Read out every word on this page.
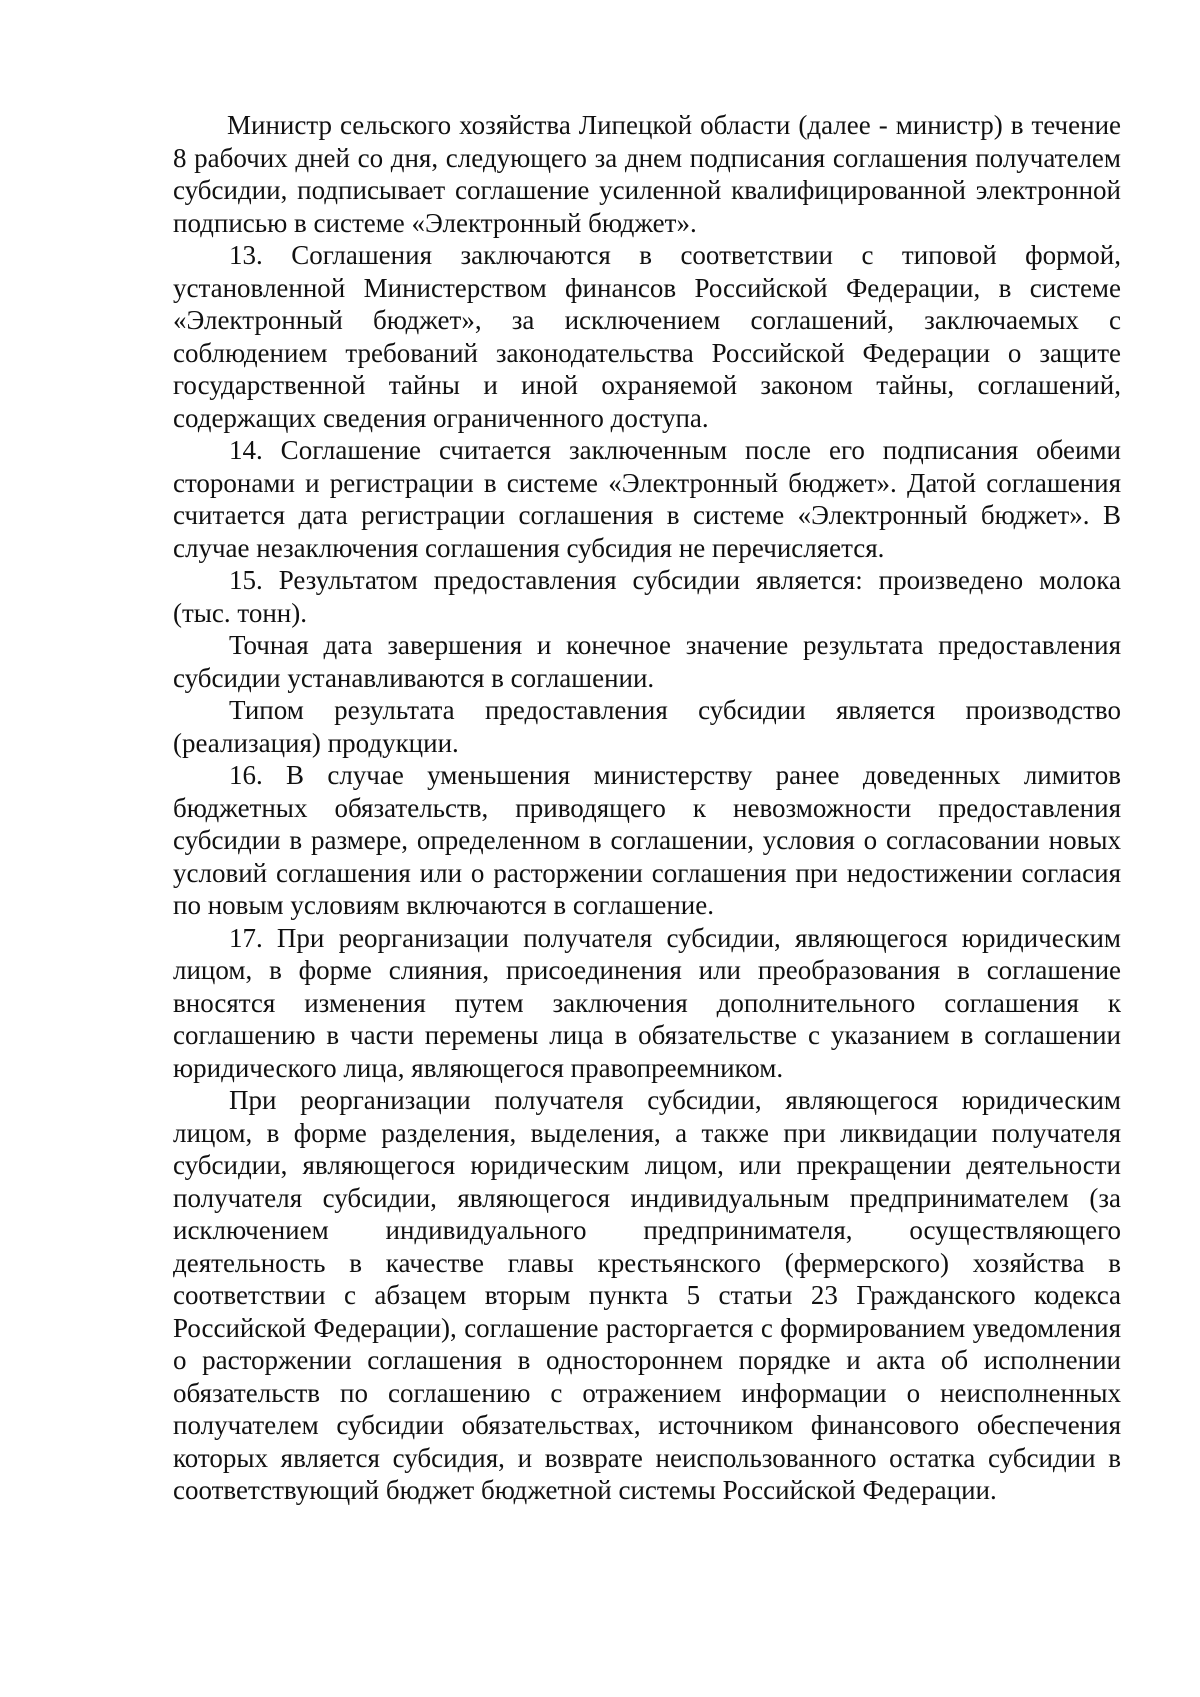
Министр сельского хозяйства Липецкой области (далее - министр) в течение 8 рабочих дней со дня, следующего за днем подписания соглашения получателем субсидии, подписывает соглашение усиленной квалифицированной электронной подписью в системе «Электронный бюджет».

13. Соглашения заключаются в соответствии с типовой формой, установленной Министерством финансов Российской Федерации, в системе «Электронный бюджет», за исключением соглашений, заключаемых с соблюдением требований законодательства Российской Федерации о защите государственной тайны и иной охраняемой законом тайны, соглашений, содержащих сведения ограниченного доступа.

14. Соглашение считается заключенным после его подписания обеими сторонами и регистрации в системе «Электронный бюджет». Датой соглашения считается дата регистрации соглашения в системе «Электронный бюджет». В случае незаключения соглашения субсидия не перечисляется.

15. Результатом предоставления субсидии является: произведено молока (тыс. тонн).

Точная дата завершения и конечное значение результата предоставления субсидии устанавливаются в соглашении.

Типом результата предоставления субсидии является производство (реализация) продукции.

16. В случае уменьшения министерству ранее доведенных лимитов бюджетных обязательств, приводящего к невозможности предоставления субсидии в размере, определенном в соглашении, условия о согласовании новых условий соглашения или о расторжении соглашения при недостижении согласия по новым условиям включаются в соглашение.

17. При реорганизации получателя субсидии, являющегося юридическим лицом, в форме слияния, присоединения или преобразования в соглашение вносятся изменения путем заключения дополнительного соглашения к соглашению в части перемены лица в обязательстве с указанием в соглашении юридического лица, являющегося правопреемником.

При реорганизации получателя субсидии, являющегося юридическим лицом, в форме разделения, выделения, а также при ликвидации получателя субсидии, являющегося юридическим лицом, или прекращении деятельности получателя субсидии, являющегося индивидуальным предпринимателем (за исключением индивидуального предпринимателя, осуществляющего деятельность в качестве главы крестьянского (фермерского) хозяйства в соответствии с абзацем вторым пункта 5 статьи 23 Гражданского кодекса Российской Федерации), соглашение расторгается с формированием уведомления о расторжении соглашения в одностороннем порядке и акта об исполнении обязательств по соглашению с отражением информации о неисполненных получателем субсидии обязательствах, источником финансового обеспечения которых является субсидия, и возврате неиспользованного остатка субсидии в соответствующий бюджет бюджетной системы Российской Федерации.
